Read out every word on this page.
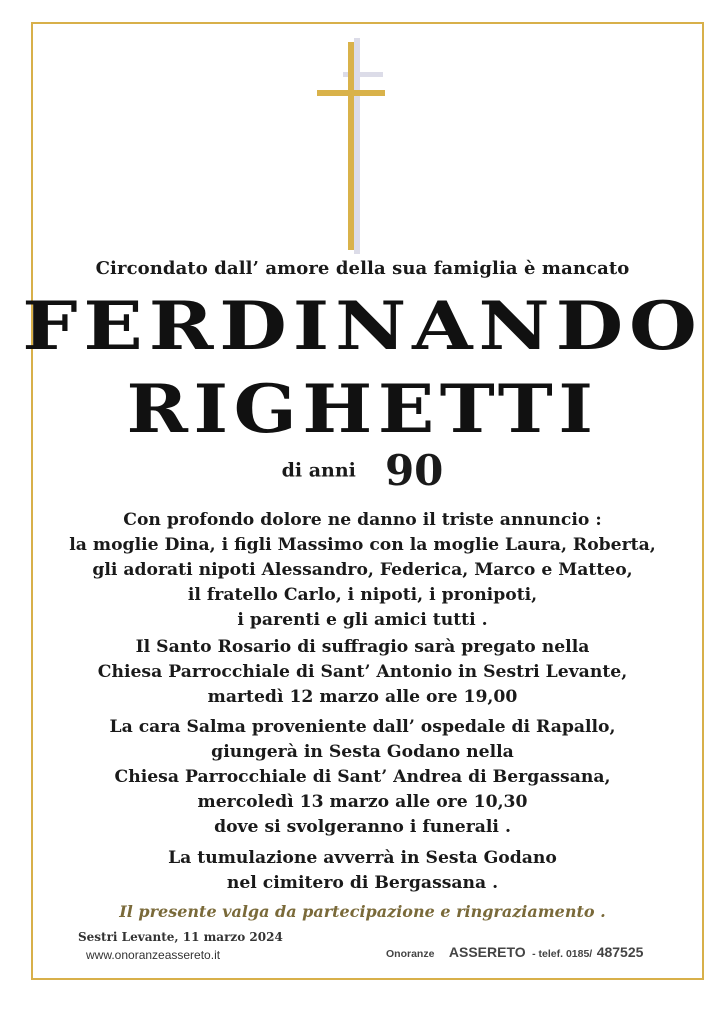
Circondato dall’ amore della sua famiglia è mancato
FERDINANDO
RIGHETTI
di anni 90
Con profondo dolore ne danno il triste annuncio :
la moglie Dina, i figli Massimo con la moglie Laura, Roberta,
gli adorati nipoti Alessandro, Federica, Marco e Matteo,
il fratello Carlo, i nipoti, i pronipoti,
i parenti e gli amici tutti .
Il Santo Rosario di suffragio sarà pregato nella
Chiesa Parrocchiale di Sant’ Antonio in Sestri Levante,
martedì 12 marzo alle ore 19,00
La cara Salma proveniente dall’ ospedale di Rapallo,
giungerà in Sesta Godano nella
Chiesa Parrocchiale di Sant’ Andrea di Bergassana,
mercoledì 13 marzo alle ore 10,30
dove si svolgeranno i funerali .
La tumulazione avverrà in Sesta Godano
nel cimitero di Bergassana .
Il presente valga da partecipazione e ringraziamento .
Sestri Levante, 11 marzo 2024
www.onoranzeassereto.it	Onoranze ASSERETO - telef. 0185/ 487525
